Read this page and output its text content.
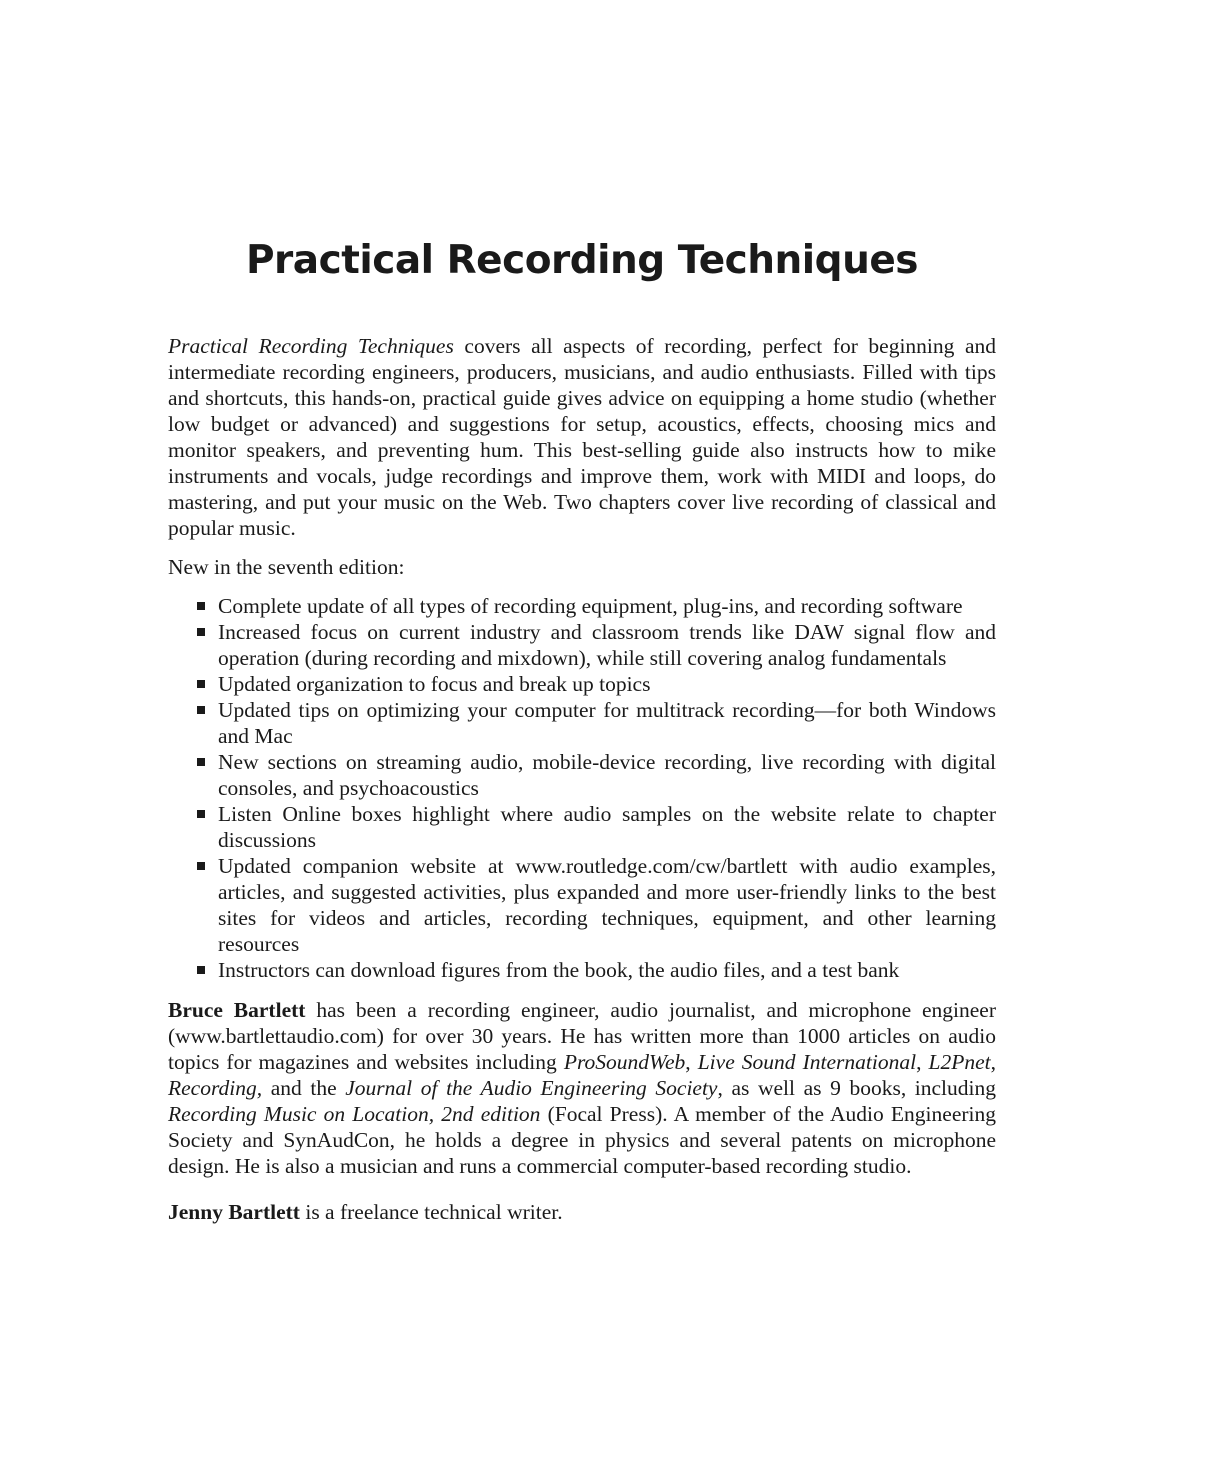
Practical Recording Techniques

Practical Recording Techniques covers all aspects of recording, perfect for beginning and intermediate recording engineers, producers, musicians, and audio enthusiasts. Filled with tips and shortcuts, this hands-on, practical guide gives advice on equipping a home studio (whether low budget or advanced) and suggestions for setup, acoustics, effects, choosing mics and monitor speakers, and preventing hum. This best-selling guide also instructs how to mike instruments and vocals, judge recordings and improve them, work with MIDI and loops, do mastering, and put your music on the Web. Two chapters cover live recording of classical and popular music.

New in the seventh edition:

Complete update of all types of recording equipment, plug-ins, and recording software
Increased focus on current industry and classroom trends like DAW signal flow and operation (during recording and mixdown), while still covering analog fundamentals
Updated organization to focus and break up topics
Updated tips on optimizing your computer for multitrack recording—for both Windows and Mac
New sections on streaming audio, mobile-device recording, live recording with digital consoles, and psychoacoustics
Listen Online boxes highlight where audio samples on the website relate to chapter discussions
Updated companion website at www.routledge.com/cw/bartlett with audio examples, articles, and suggested activities, plus expanded and more user-friendly links to the best sites for videos and articles, recording techniques, equipment, and other learning resources
Instructors can download figures from the book, the audio files, and a test bank

Bruce Bartlett has been a recording engineer, audio journalist, and microphone engineer (www.bartlettaudio.com) for over 30 years. He has written more than 1000 articles on audio topics for magazines and websites including ProSoundWeb, Live Sound International, L2Pnet, Recording, and the Journal of the Audio Engineering Society, as well as 9 books, including Recording Music on Location, 2nd edition (Focal Press). A member of the Audio Engineering Society and SynAudCon, he holds a degree in physics and several patents on microphone design. He is also a musician and runs a commercial computer-based recording studio.

Jenny Bartlett is a freelance technical writer.
